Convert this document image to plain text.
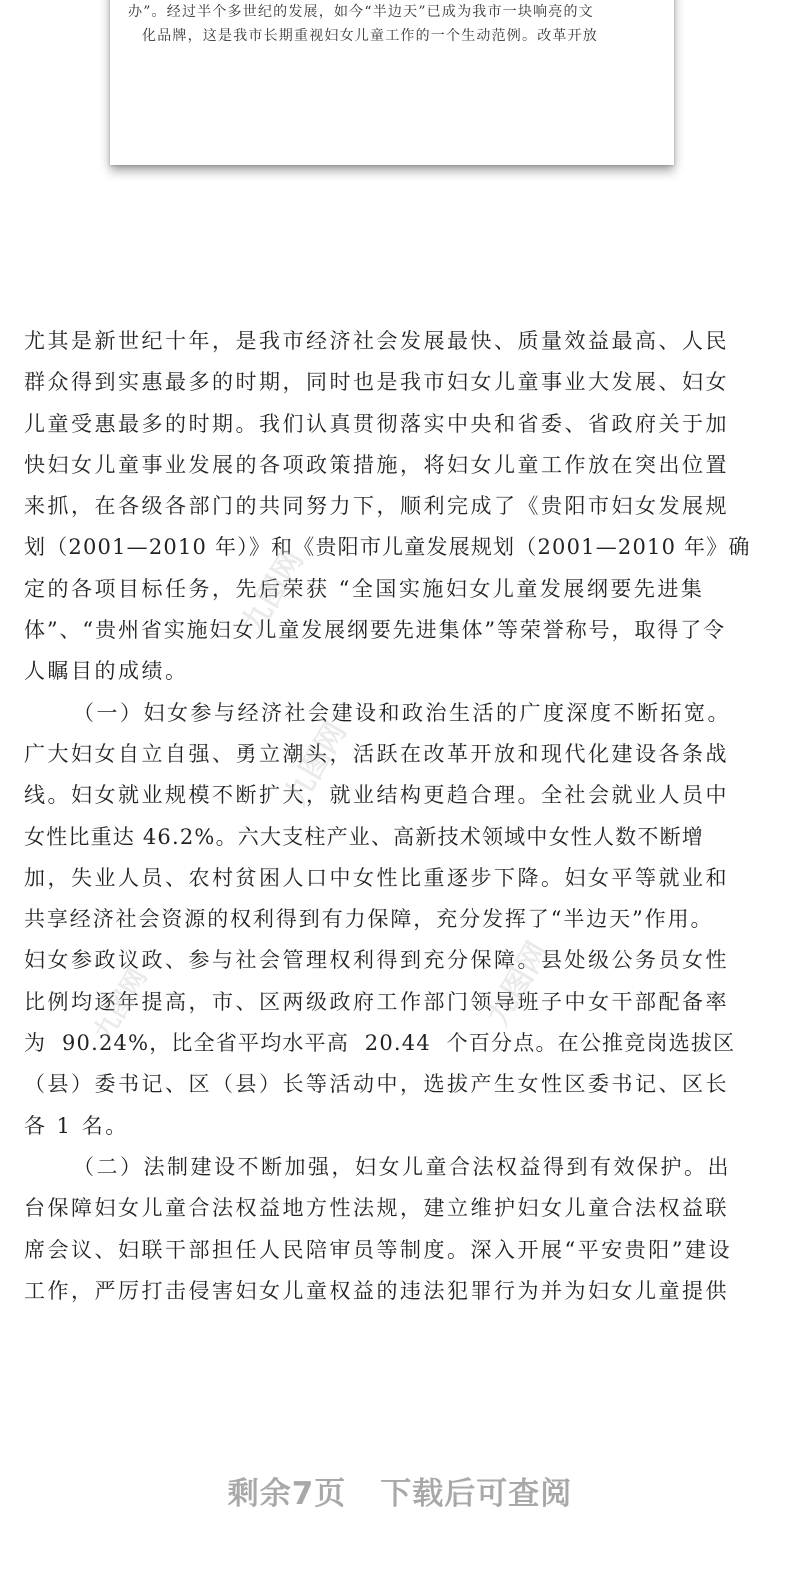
办”。经过半个多世纪的发展，如今“半边天”已成为我市一块响亮的文
化品牌，这是我市长期重视妇女儿童工作的一个生动范例。改革开放
尤其是新世纪十年，是我市经济社会发展最快、质量效益最高、人民
群众得到实惠最多的时期，同时也是我市妇女儿童事业大发展、妇女
儿童受惠最多的时期。我们认真贯彻落实中央和省委、省政府关于加
快妇女儿童事业发展的各项政策措施，将妇女儿童工作放在突出位置
来抓，在各级各部门的共同努力下，顺利完成了《贵阳市妇女发展规
划（2001—2010 年）》和《贵阳市儿童发展规划（2001—2010 年》确
定的各项目标任务，先后荣获 “全国实施妇女儿童发展纲要先进集
体”、“贵州省实施妇女儿童发展纲要先进集体”等荣誉称号，取得了令
人瞩目的成绩。
（一）妇女参与经济社会建设和政治生活的广度深度不断拓宽。
广大妇女自立自强、勇立潮头，活跃在改革开放和现代化建设各条战
线。妇女就业规模不断扩大，就业结构更趋合理。全社会就业人员中
女性比重达 46.2%。六大支柱产业、高新技术领域中女性人数不断增
加，失业人员、农村贫困人口中女性比重逐步下降。妇女平等就业和
共享经济社会资源的权利得到有力保障，充分发挥了“半边天”作用。
妇女参政议政、参与社会管理权利得到充分保障。县处级公务员女性
比例均逐年提高，市、区两级政府工作部门领导班子中女干部配备率
为  90.24%，比全省平均水平高  20.44  个百分点。在公推竞岗选拔区
（县）委书记、区（县）长等活动中，选拔产生女性区委书记、区长
各 1 名。
（二）法制建设不断加强，妇女儿童合法权益得到有效保护。出
台保障妇女儿童合法权益地方性法规，建立维护妇女儿童合法权益联
席会议、妇联干部担任人民陪审员等制度。深入开展“平安贵阳”建设
工作，严厉打击侵害妇女儿童权益的违法犯罪行为并为妇女儿童提供
九图网
九图网
九图网
九图网
剩余7页 下载后可查阅
